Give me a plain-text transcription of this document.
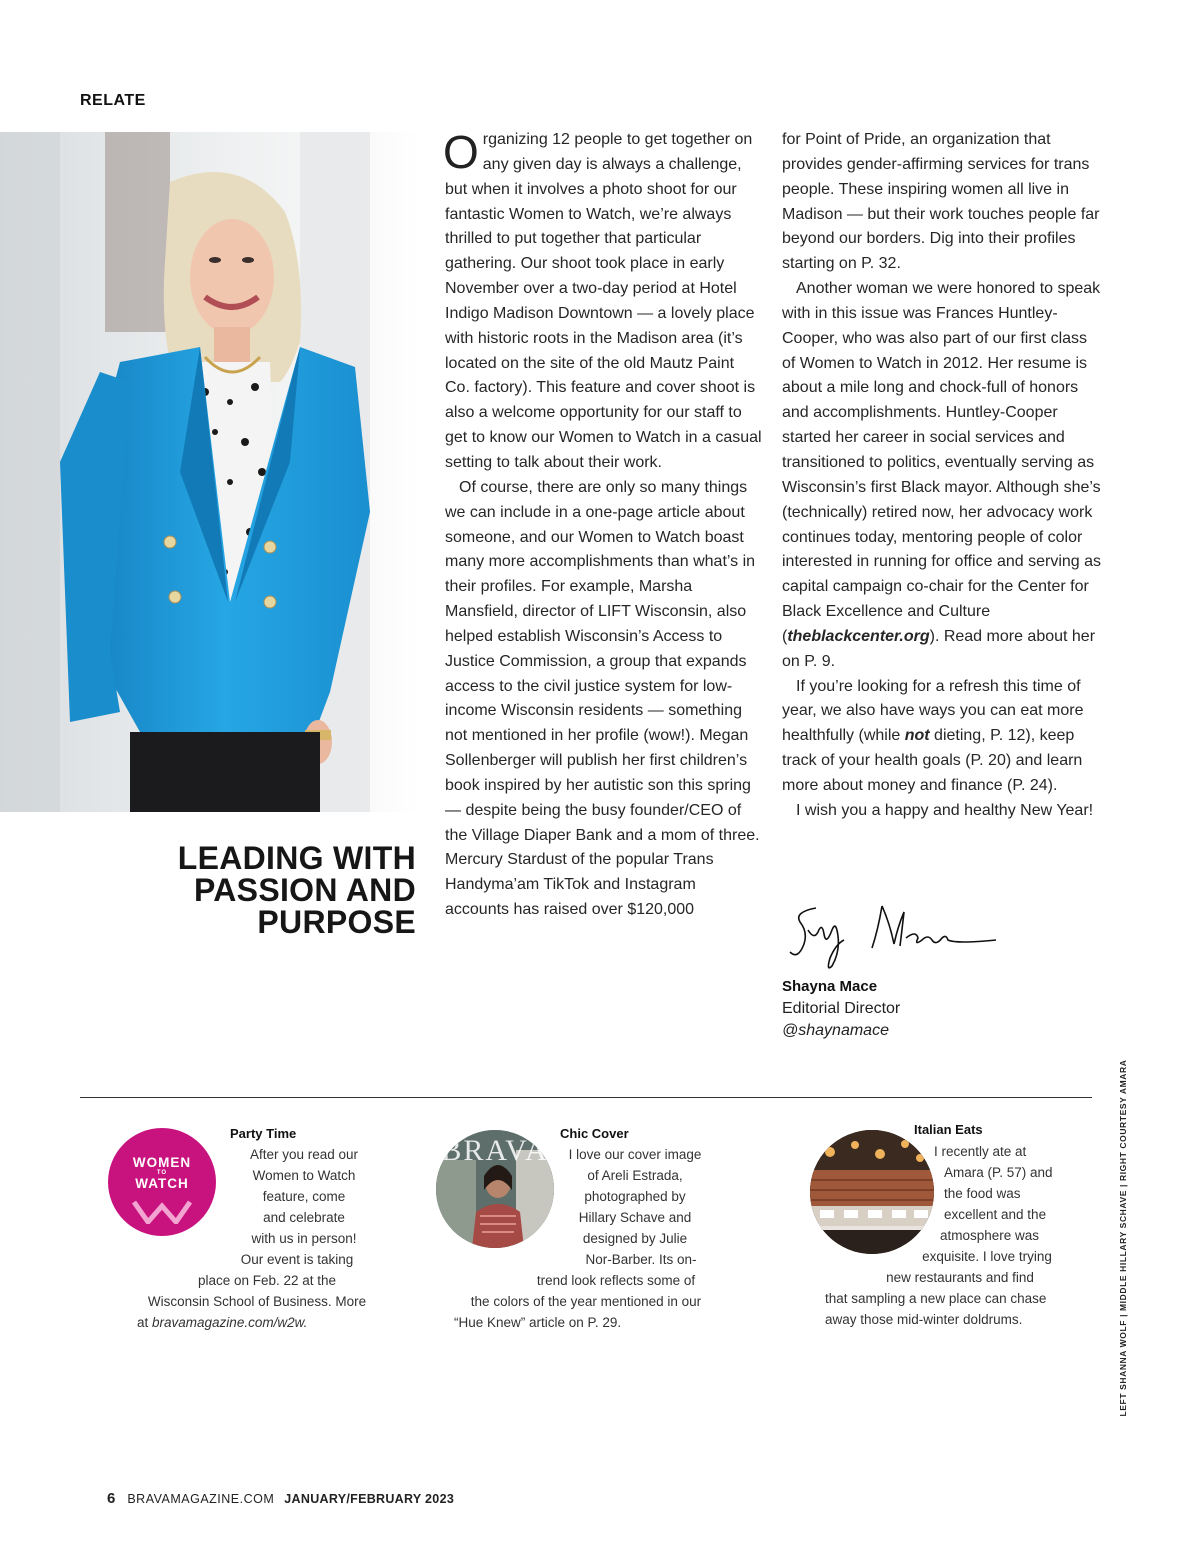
RELATE
LEADING WITH
PASSION AND
PURPOSE

Organizing 12 people to get together on any given day is always a challenge, but when it involves a photo shoot for our fantastic Women to Watch, we’re always thrilled to put together that particular gathering. Our shoot took place in early November over a two-day period at Hotel Indigo Madison Downtown — a lovely place with historic roots in the Madison area (it’s located on the site of the old Mautz Paint Co. factory). This feature and cover shoot is also a welcome opportunity for our staff to get to know our Women to Watch in a casual setting to talk about their work.

Of course, there are only so many things we can include in a one-page article about someone, and our Women to Watch boast many more accomplishments than what’s in their profiles. For example, Marsha Mansfield, director of LIFT Wisconsin, also helped establish Wisconsin’s Access to Justice Commission, a group that expands access to the civil justice system for low-income Wisconsin residents — something not mentioned in her profile (wow!). Megan Sollenberger will publish her first children’s book inspired by her autistic son this spring — despite being the busy founder/CEO of the Village Diaper Bank and a mom of three. Mercury Stardust of the popular Trans Handyma’am TikTok and Instagram accounts has raised over $120,000

for Point of Pride, an organization that provides gender-affirming services for trans people. These inspiring women all live in Madison — but their work touches people far beyond our borders. Dig into their profiles starting on P. 32.

Another woman we were honored to speak with in this issue was Frances Huntley-Cooper, who was also part of our first class of Women to Watch in 2012. Her resume is about a mile long and chock-full of honors and accomplishments. Huntley-Cooper started her career in social services and transitioned to politics, eventually serving as Wisconsin’s first Black mayor. Although she’s (technically) retired now, her advocacy work continues today, mentoring people of color interested in running for office and serving as capital campaign co-chair for the Center for Black Excellence and Culture (theblackcenter.org). Read more about her on P. 9.

If you’re looking for a refresh this time of year, we also have ways you can eat more healthfully (while not dieting, P. 12), keep track of your health goals (P. 20) and learn more about money and finance (P. 24).

I wish you a happy and healthy New Year!

Shayna Mace
Editorial Director
@shaynamace
WOMEN
TO
WATCH
Party Time
After you read our
Women to Watch
feature, come
and celebrate
with us in person!
Our event is taking
place on Feb. 22 at the
Wisconsin School of Business. More
at bravamagazine.com/w2w.
BRAVA
Chic Cover
I love our cover image
of Areli Estrada,
photographed by
Hillary Schave and
designed by Julie
Nor-Barber. Its on-
trend look reflects some of
the colors of the year mentioned in our
“Hue Knew” article on P. 29.
Italian Eats
I recently ate at
Amara (P. 57) and
the food was
excellent and the
atmosphere was
exquisite. I love trying
new restaurants and find
that sampling a new place can chase
away those mid-winter doldrums.	LEFT SHANNA WOLF | MIDDLE HILLARY SCHAVE | RIGHT COURTESY AMARA
6 BRAVAMAGAZINE.COM JANUARY/FEBRUARY 2023
